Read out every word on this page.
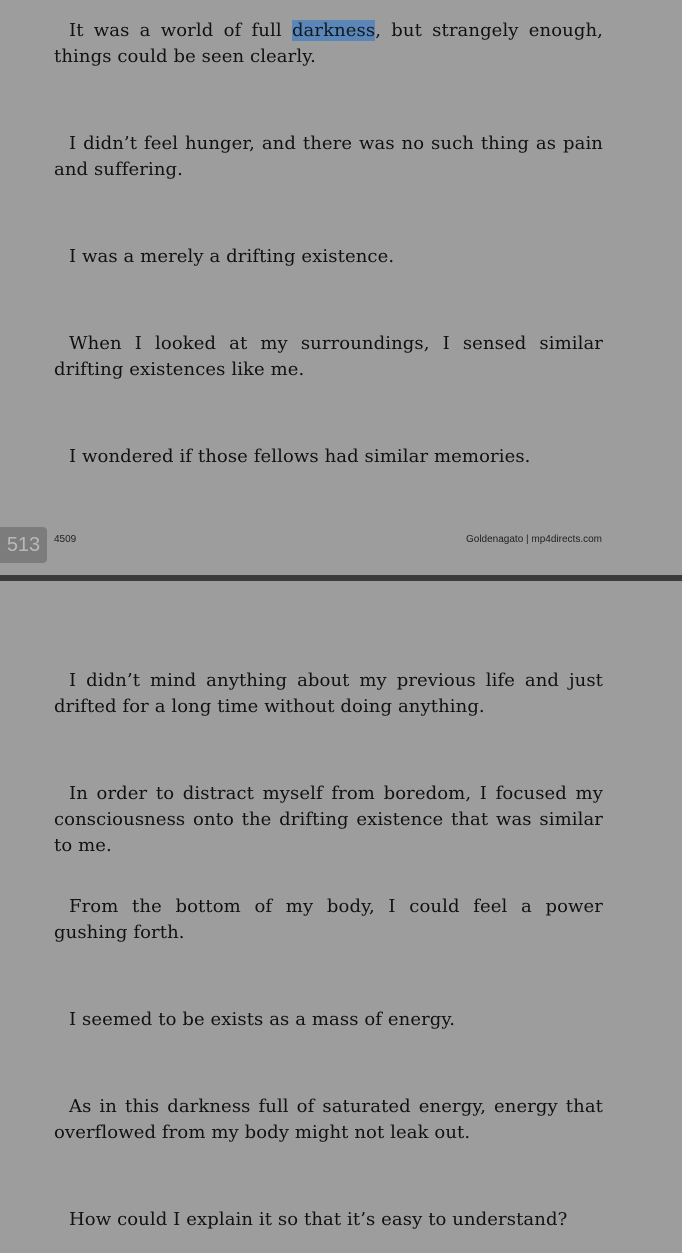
It was a world of full darkness, but strangely enough, things could be seen clearly.

I didn’t feel hunger, and there was no such thing as pain and suffering.

I was a merely a drifting existence.

When I looked at my surroundings, I sensed similar drifting existences like me.

I wondered if those fellows had similar memories.

513	4509	Goldenagato | mp4directs.com

I didn’t mind anything about my previous life and just drifted for a long time without doing anything.

In order to distract myself from boredom, I focused my consciousness onto the drifting existence that was similar to me.

From the bottom of my body, I could feel a power gushing forth.

I seemed to be exists as a mass of energy.

As in this darkness full of saturated energy, energy that overflowed from my body might not leak out.

How could I explain it so that it’s easy to understand?
